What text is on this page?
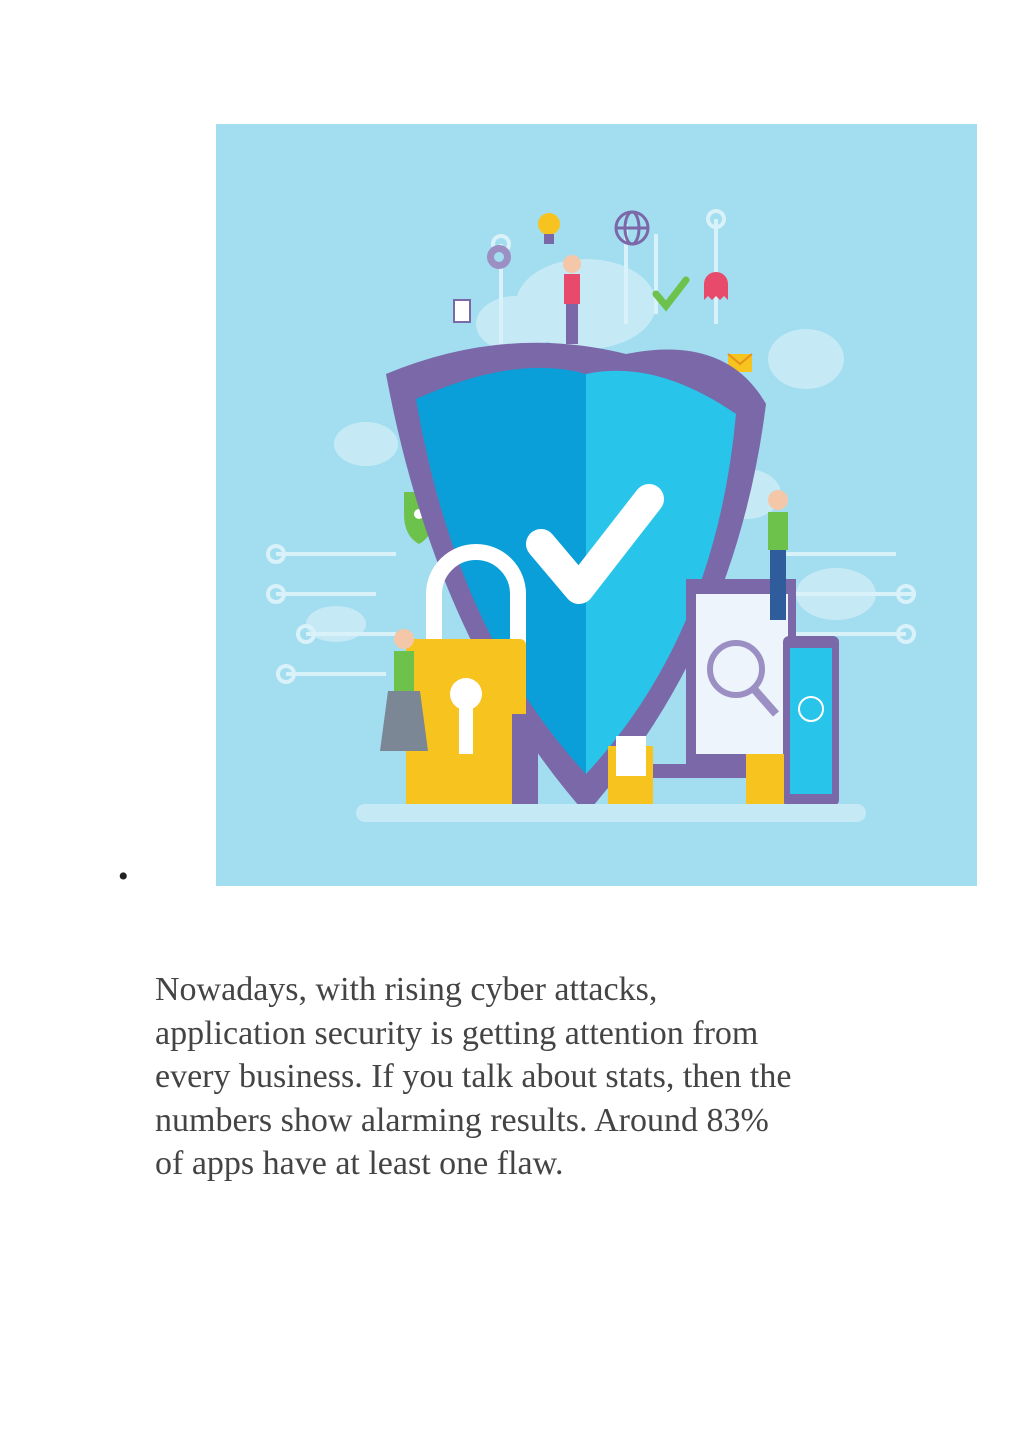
•

Nowadays, with rising cyber attacks,
application security is getting attention from
every business. If you talk about stats, then the
numbers show alarming results. Around 83%
of apps have at least one flaw.
